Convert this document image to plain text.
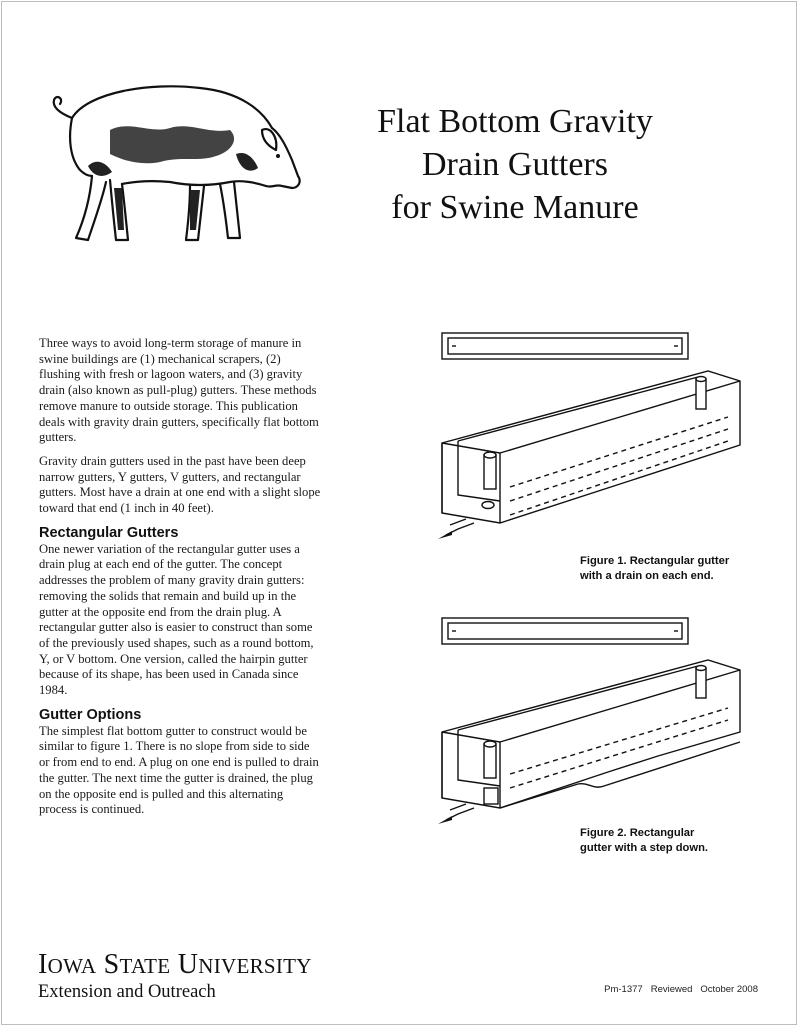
Flat Bottom Gravity
Drain Gutters
for Swine Manure

Three ways to avoid long-term storage of manure in swine buildings are (1) mechanical scrapers, (2) flushing with fresh or lagoon waters, and (3) gravity drain (also known as pull-plug) gutters. These methods remove manure to outside storage. This publication deals with gravity drain gutters, specifically flat bottom gutters.

Gravity drain gutters used in the past have been deep narrow gutters, Y gutters, V gutters, and rectangular gutters. Most have a drain at one end with a slight slope toward that end (1 inch in 40 feet).

Rectangular Gutters

One newer variation of the rectangular gutter uses a drain plug at each end of the gutter. The concept addresses the problem of many gravity drain gutters: removing the solids that remain and build up in the gutter at the opposite end from the drain plug. A rectangular gutter also is easier to construct than some of the previously used shapes, such as a round bottom, Y, or V bottom. One version, called the hairpin gutter because of its shape, has been used in Canada since 1984.

Gutter Options

The simplest flat bottom gutter to construct would be similar to figure 1. There is no slope from side to side or from end to end. A plug on one end is pulled to drain the gutter. The next time the gutter is drained, the plug on the opposite end is pulled and this alternating process is continued.

Figure 1. Rectangular gutter
with a drain on each end.
Figure 2. Rectangular
gutter with a step down.
IOWA STATE UNIVERSITY
Extension and Outreach	Pm-1377 Reviewed October 2008
